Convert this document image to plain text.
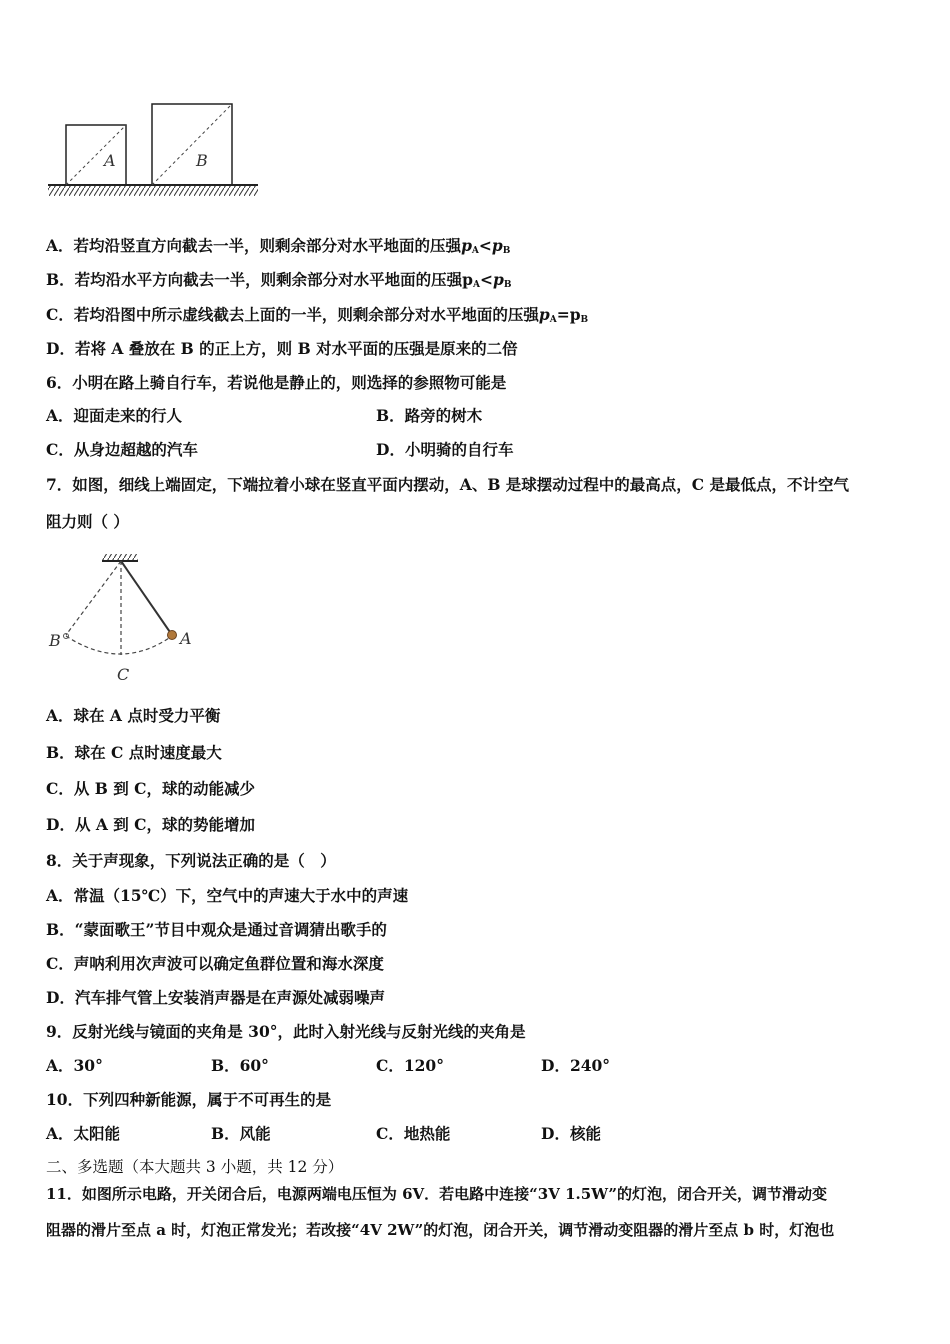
A	B
A．若均沿竖直方向截去一半，则剩余部分对水平地面的压强$p_A<p_B$
B．若均沿水平方向截去一半，则剩余部分对水平地面的压强$p_A<p_B$
C．若均沿图中所示虚线截去上面的一半，则剩余部分对水平地面的压强$p_A=p_B$
D．若将 A 叠放在 B 的正上方，则 B 对水平面的压强是原来的二倍
6．小明在路上骑自行车，若说他是静止的，则选择的参照物可能是
A．迎面走来的行人	B．路旁的树木
C．从身边超越的汽车	D．小明骑的自行车
7．如图，细线上端固定，下端拉着小球在竖直平面内摆动，A、B 是球摆动过程中的最高点，C 是最低点，不计空气
阻力则（ ）
A
B
C
A．球在 A 点时受力平衡
B．球在 C 点时速度最大
C．从 B 到 C，球的动能减少
D．从 A 到 C，球的势能增加
8．关于声现象，下列说法正确的是（　）
A．常温（15℃）下，空气中的声速大于水中的声速
B．“蒙面歌王”节目中观众是通过音调猜出歌手的
C．声呐利用次声波可以确定鱼群位置和海水深度
D．汽车排气管上安装消声器是在声源处减弱噪声
9．反射光线与镜面的夹角是 30°，此时入射光线与反射光线的夹角是
A．30°	B．60°	C．120°	D．240°
10．下列四种新能源，属于不可再生的是
A．太阳能	B．风能	C．地热能	D．核能
二、多选题（本大题共 3 小题，共 12 分）
11．如图所示电路，开关闭合后，电源两端电压恒为 6V．若电路中连接“3V 1.5W”的灯泡，闭合开关，调节滑动变
阻器的滑片至点 a 时，灯泡正常发光；若改接“4V 2W”的灯泡，闭合开关，调节滑动变阻器的滑片至点 b 时，灯泡也
